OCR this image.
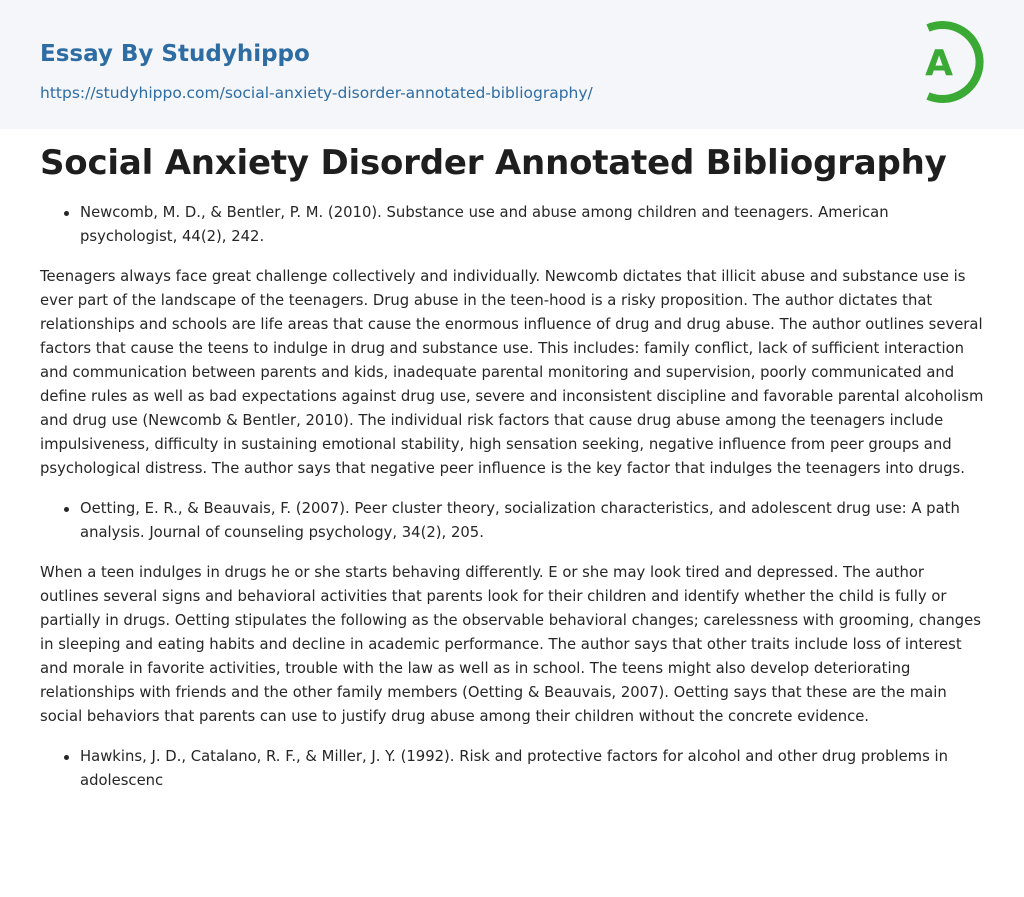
Essay By Studyhippo
https://studyhippo.com/social-anxiety-disorder-annotated-bibliography/
A
Social Anxiety Disorder Annotated Bibliography
Newcomb, M. D., & Bentler, P. M. (2010). Substance use and abuse among children and teenagers. American psychologist, 44(2), 242.

Teenagers always face great challenge collectively and individually. Newcomb dictates that illicit abuse and substance use is ever part of the landscape of the teenagers. Drug abuse in the teen-hood is a risky proposition. The author dictates that relationships and schools are life areas that cause the enormous influence of drug and drug abuse. The author outlines several factors that cause the teens to indulge in drug and substance use. This includes: family conflict, lack of sufficient interaction and communication between parents and kids, inadequate parental monitoring and supervision, poorly communicated and define rules as well as bad expectations against drug use, severe and inconsistent discipline and favorable parental alcoholism and drug use (Newcomb & Bentler, 2010). The individual risk factors that cause drug abuse among the teenagers include impulsiveness, difficulty in sustaining emotional stability, high sensation seeking, negative influence from peer groups and psychological distress. The author says that negative peer influence is the key factor that indulges the teenagers into drugs.

Oetting, E. R., & Beauvais, F. (2007). Peer cluster theory, socialization characteristics, and adolescent drug use: A path analysis. Journal of counseling psychology, 34(2), 205.

When a teen indulges in drugs he or she starts behaving differently. E or she may look tired and depressed. The author outlines several signs and behavioral activities that parents look for their children and identify whether the child is fully or partially in drugs. Oetting stipulates the following as the observable behavioral changes; carelessness with grooming, changes in sleeping and eating habits and decline in academic performance. The author says that other traits include loss of interest and morale in favorite activities, trouble with the law as well as in school. The teens might also develop deteriorating relationships with friends and the other family members (Oetting & Beauvais, 2007). Oetting says that these are the main social behaviors that parents can use to justify drug abuse among their children without the concrete evidence.

Hawkins, J. D., Catalano, R. F., & Miller, J. Y. (1992). Risk and protective factors for alcohol and other drug problems in adolescenc
